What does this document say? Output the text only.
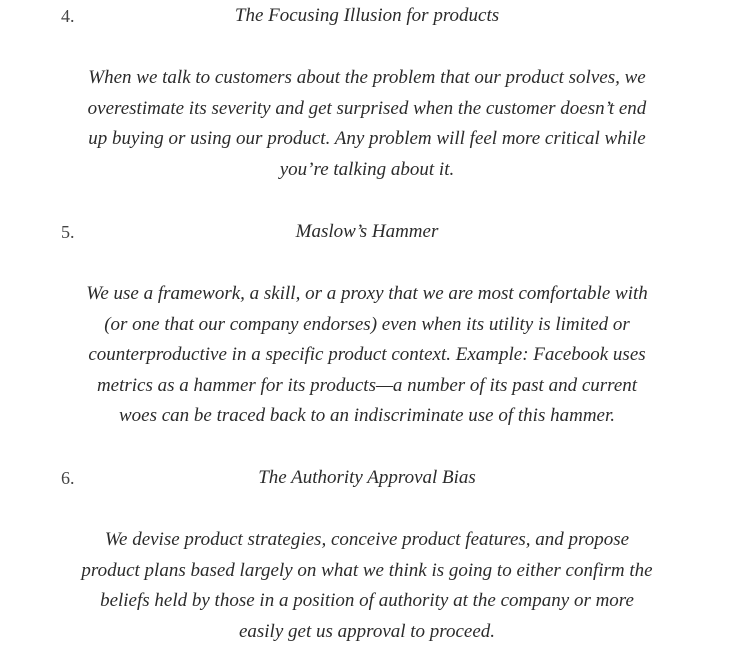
4.	The Focusing Illusion for products
When we talk to customers about the problem that our product solves, we overestimate its severity and get surprised when the customer doesn’t end up buying or using our product. Any problem will feel more critical while you’re talking about it.
5.	Maslow’s Hammer
We use a framework, a skill, or a proxy that we are most comfortable with (or one that our company endorses) even when its utility is limited or counterproductive in a specific product context. Example: Facebook uses metrics as a hammer for its products—a number of its past and current woes can be traced back to an indiscriminate use of this hammer.
6.	The Authority Approval Bias
We devise product strategies, conceive product features, and propose product plans based largely on what we think is going to either confirm the beliefs held by those in a position of authority at the company or more easily get us approval to proceed.
